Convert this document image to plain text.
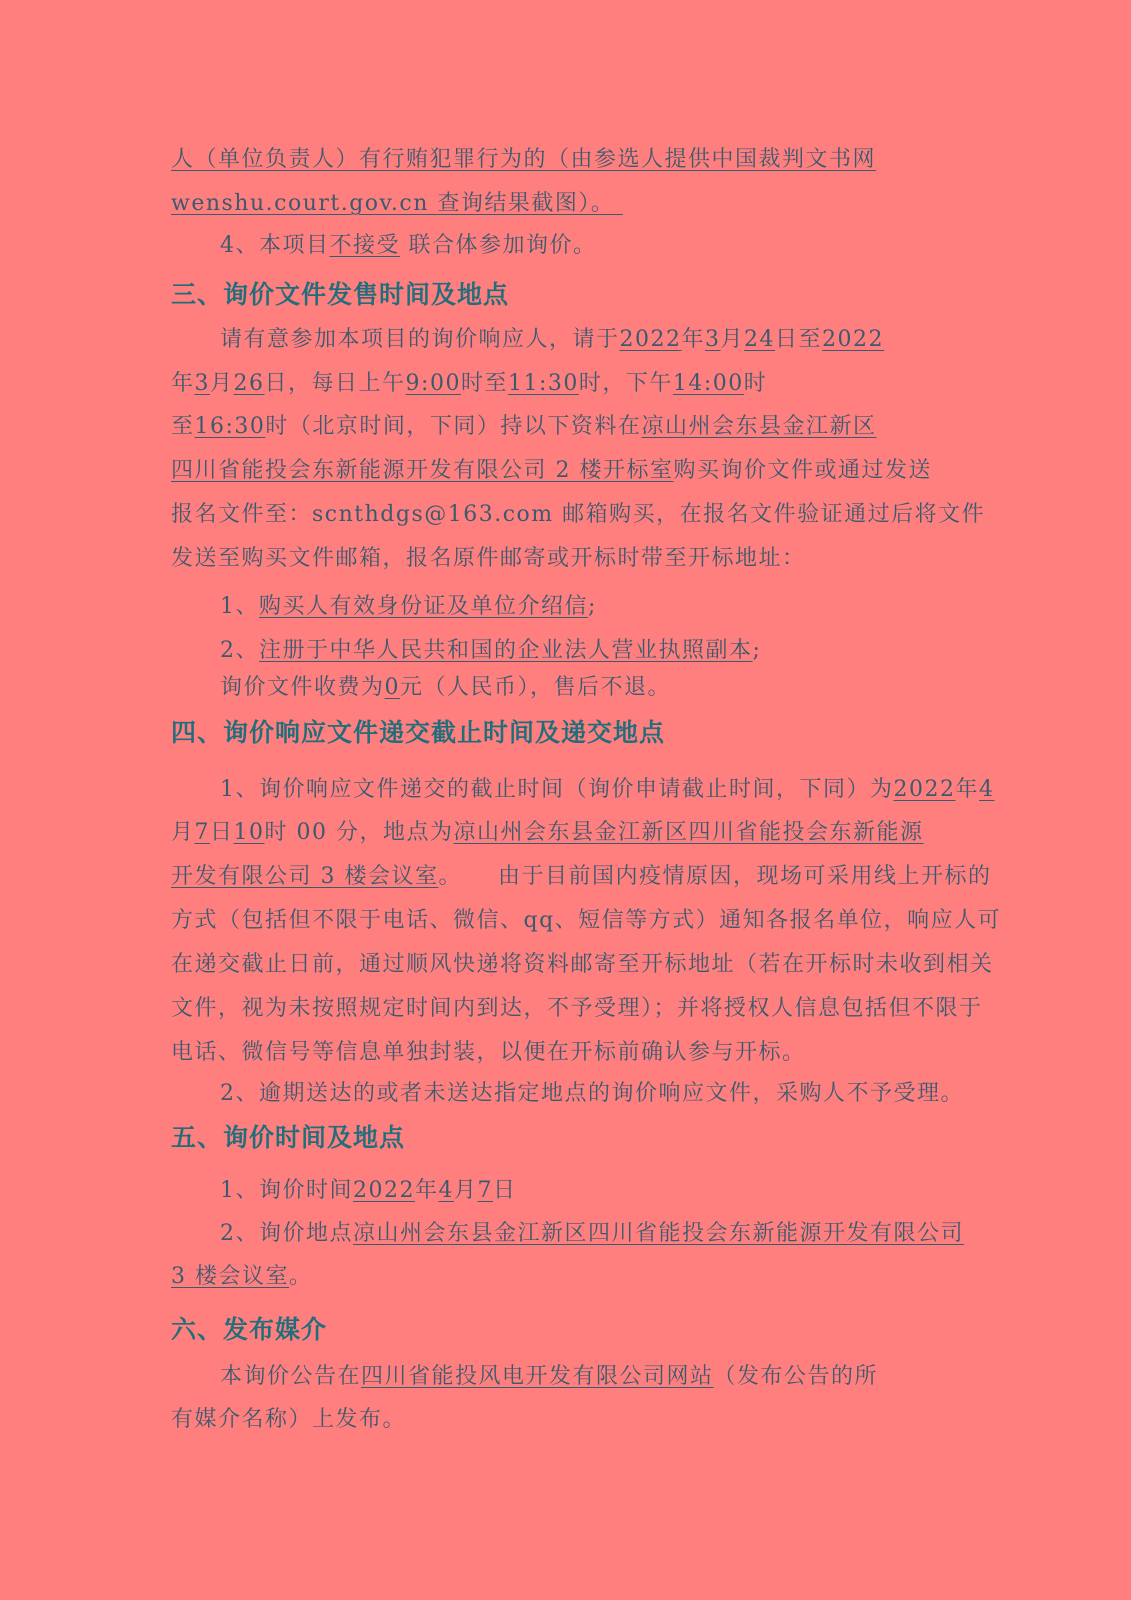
人（单位负责人）有行贿犯罪行为的（由参选人提供中国裁判文书网
wenshu.court.gov.cn 查询结果截图）。
4、本项目不接受 联合体参加询价。
三、询价文件发售时间及地点
请有意参加本项目的询价响应人，请于2022年3月24日至2022
年3月26日，每日上午9:00时至11:30时，下午14:00时
至16:30时（北京时间，下同）持以下资料在凉山州会东县金江新区
四川省能投会东新能源开发有限公司 2 楼开标室购买询价文件或通过发送
报名文件至：scnthdgs@163.com 邮箱购买，在报名文件验证通过后将文件
发送至购买文件邮箱，报名原件邮寄或开标时带至开标地址：
1、购买人有效身份证及单位介绍信;
2、注册于中华人民共和国的企业法人营业执照副本;
询价文件收费为0元（人民币），售后不退。
四、询价响应文件递交截止时间及递交地点
1、询价响应文件递交的截止时间（询价申请截止时间，下同）为2022年4
月7日10时 00 分，地点为凉山州会东县金江新区四川省能投会东新能源
开发有限公司 3 楼会议室。 由于目前国内疫情原因，现场可采用线上开标的
方式（包括但不限于电话、微信、qq、短信等方式）通知各报名单位，响应人可
在递交截止日前，通过顺风快递将资料邮寄至开标地址（若在开标时未收到相关
文件，视为未按照规定时间内到达，不予受理）；并将授权人信息包括但不限于
电话、微信号等信息单独封装，以便在开标前确认参与开标。
2、逾期送达的或者未送达指定地点的询价响应文件，采购人不予受理。
五、询价时间及地点
1、询价时间2022年4月7日
2、询价地点凉山州会东县金江新区四川省能投会东新能源开发有限公司
3 楼会议室。
六、发布媒介
本询价公告在四川省能投风电开发有限公司网站（发布公告的所
有媒介名称）上发布。
